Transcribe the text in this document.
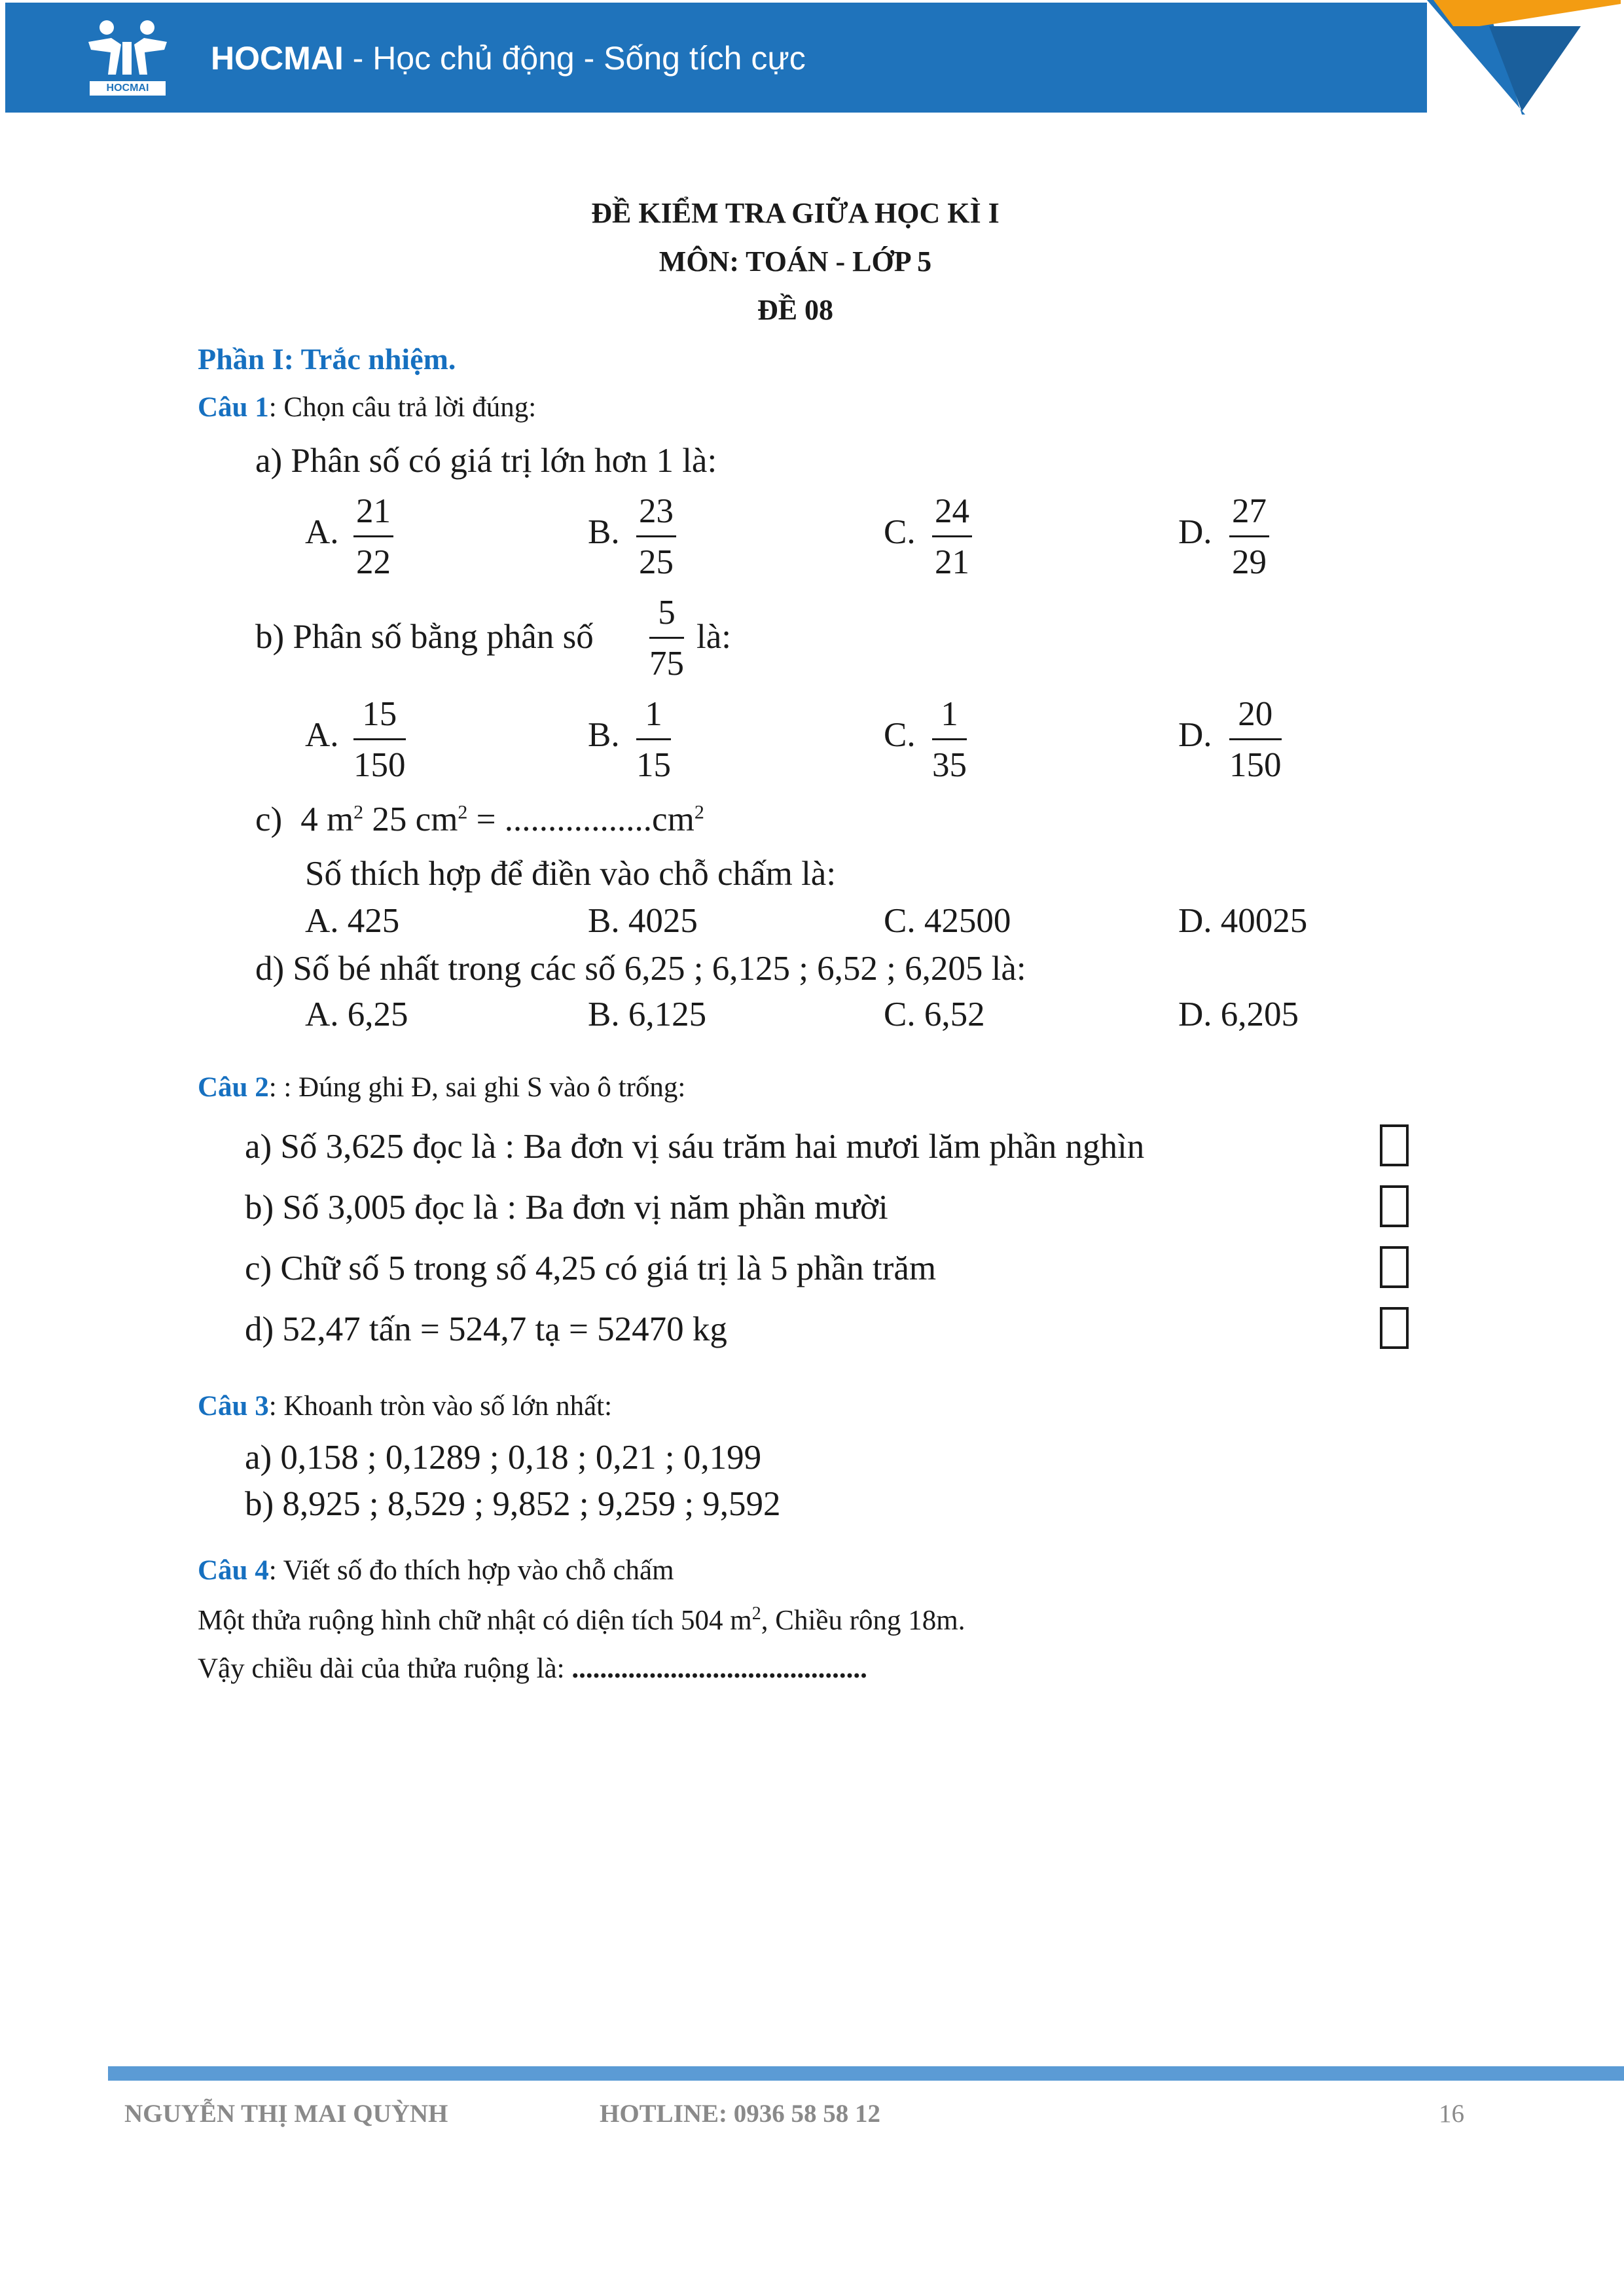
HOCMAI
HOCMAI - Học chủ động - Sống tích cực
ĐỀ KIỂM TRA GIỮA HỌC KÌ I
MÔN: TOÁN - LỚP 5
ĐỀ 08
Phần I: Trắc nhiệm.
Câu 1: Chọn câu trả lời đúng:
a) Phân số có giá trị lớn hơn 1 là:
A. $\frac{21}{22}$	B. $\frac{23}{25}$	C. $\frac{24}{21}$	D. $\frac{27}{29}$
b) Phân số bằng phân số $\frac{5}{75}$ là:
A. $\frac{15}{150}$	B. $\frac{1}{15}$	C. $\frac{1}{35}$	D. $\frac{20}{150}$
c) 4 $m^2$ 25 $cm^2 = .................cm^2$
Số thích hợp để điền vào chỗ chấm là:
A. 425	B. 4025	C. 42500	D. 40025
d) Số bé nhất trong các số 6,25 ; 6,125 ; 6,52 ; 6,205 là:
A. 6,25	B. 6,125	C. 6,52	D. 6,205
Câu 2: : Đúng ghi Đ, sai ghi S vào ô trống:
a) Số 3,625 đọc là : Ba đơn vị sáu trăm hai mươi lăm phần nghìn
b) Số 3,005 đọc là : Ba đơn vị năm phần mười
c) Chữ số 5 trong số 4,25 có giá trị là 5 phần trăm
d) 52,47 tấn = 524,7 tạ = 52470 kg
Câu 3: Khoanh tròn vào số lớn nhất:
a) 0,158 ; 0,1289 ; 0,18 ; 0,21 ; 0,199
b) 8,925 ; 8,529 ; 9,852 ; 9,259 ; 9,592
Câu 4: Viết số đo thích hợp vào chỗ chấm
Một thửa ruộng hình chữ nhật có diện tích 504 $m^2$, Chiều rông 18m.
Vậy chiều dài của thửa ruộng là: ..........................................
NGUYỄN THỊ MAI QUỲNH	HOTLINE: 0936 58 58 12	16
